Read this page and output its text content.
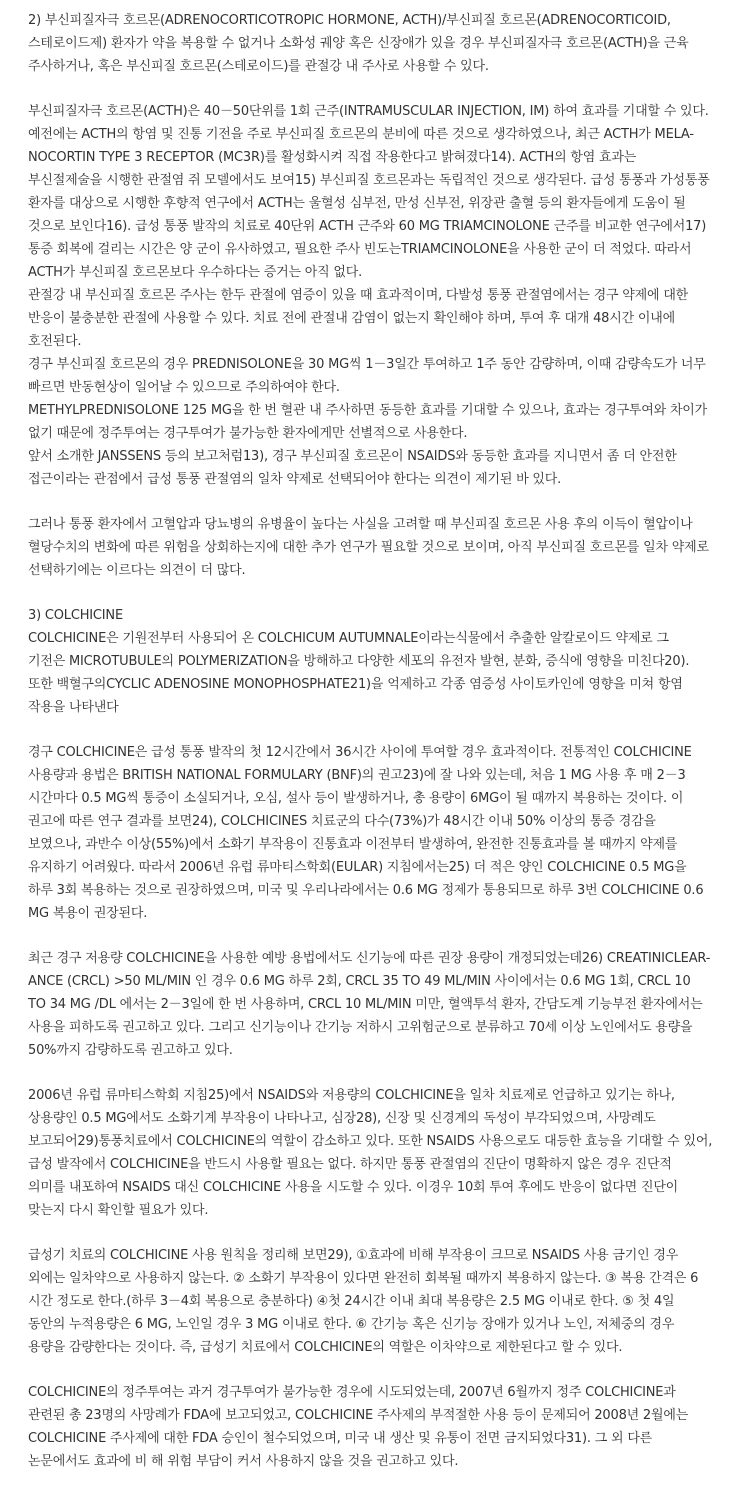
2) 부신피질자극 호르몬(ADRENOCORTICOTROPIC HORMONE, ACTH)/부신피질 호르몬(ADRENOCORTICOID,
스테로이드제) 환자가 약을 복용할 수 없거나 소화성 궤양 혹은 신장애가 있을 경우 부신피질자극 호르몬(ACTH)을 근육
주사하거나, 혹은 부신피질 호르몬(스테로이드)를 관절강 내 주사로 사용할 수 있다.
부신피질자극 호르몬(ACTH)은 40－50단위를 1회 근주(INTRAMUSCULAR INJECTION, IM) 하여 효과를 기대할 수 있다.
예전에는 ACTH의 항염 및 진통 기전을 주로 부신피질 호르몬의 분비에 따른 것으로 생각하였으나, 최근 ACTH가 MELA-
NOCORTIN TYPE 3 RECEPTOR (MC3R)를 활성화시켜 직접 작용한다고 밝혀졌다14). ACTH의 항염 효과는
부신절제술을 시행한 관절염 쥐 모델에서도 보여15) 부신피질 호르몬과는 독립적인 것으로 생각된다. 급성 통풍과 가성통풍
환자를 대상으로 시행한 후향적 연구에서 ACTH는 울혈성 심부전, 만성 신부전, 위장관 출혈 등의 환자들에게 도움이 될
것으로 보인다16). 급성 통풍 발작의 치료로 40단위 ACTH 근주와 60 MG TRIAMCINOLONE 근주를 비교한 연구에서17)
통증 회복에 걸리는 시간은 양 군이 유사하였고, 필요한 주사 빈도는TRIAMCINOLONE을 사용한 군이 더 적었다. 따라서
ACTH가 부신피질 호르몬보다 우수하다는 증거는 아직 없다.
관절강 내 부신피질 호르몬 주사는 한두 관절에 염증이 있을 때 효과적이며, 다발성 통풍 관절염에서는 경구 약제에 대한
반응이 불충분한 관절에 사용할 수 있다. 치료 전에 관절내 감염이 없는지 확인해야 하며, 투여 후 대개 48시간 이내에
호전된다.
경구 부신피질 호르몬의 경우 PREDNISOLONE을 30 MG씩 1－3일간 투여하고 1주 동안 감량하며, 이때 감량속도가 너무
빠르면 반동현상이 일어날 수 있으므로 주의하여야 한다.
METHYLPREDNISOLONE 125 MG을 한 번 혈관 내 주사하면 동등한 효과를 기대할 수 있으나, 효과는 경구투여와 차이가
없기 때문에 정주투여는 경구투여가 불가능한 환자에게만 선별적으로 사용한다.
앞서 소개한 JANSSENS 등의 보고처럼13), 경구 부신피질 호르몬이 NSAIDS와 동등한 효과를 지니면서 좀 더 안전한
접근이라는 관점에서 급성 통풍 관절염의 일차 약제로 선택되어야 한다는 의견이 제기된 바 있다.
그러나 통풍 환자에서 고혈압과 당뇨병의 유병율이 높다는 사실을 고려할 때 부신피질 호르몬 사용 후의 이득이 혈압이나
혈당수치의 변화에 따른 위험을 상회하는지에 대한 추가 연구가 필요할 것으로 보이며, 아직 부신피질 호르몬를 일차 약제로
선택하기에는 이르다는 의견이 더 많다.
3) COLCHICINE
COLCHICINE은 기원전부터 사용되어 온 COLCHICUM AUTUMNALE이라는식물에서 추출한 알칼로이드 약제로 그
기전은 MICROTUBULE의 POLYMERIZATION을 방해하고 다양한 세포의 유전자 발현, 분화, 증식에 영향을 미친다20).
또한 백혈구의CYCLIC ADENOSINE MONOPHOSPHATE21)을 억제하고 각종 염증성 사이토카인에 영향을 미쳐 항염
작용을 나타낸다
경구 COLCHICINE은 급성 통풍 발작의 첫 12시간에서 36시간 사이에 투여할 경우 효과적이다. 전통적인 COLCHICINE
사용량과 용법은 BRITISH NATIONAL FORMULARY (BNF)의 권고23)에 잘 나와 있는데, 처음 1 MG 사용 후 매 2－3
시간마다 0.5 MG씩 통증이 소실되거나, 오심, 설사 등이 발생하거나, 총 용량이 6MG이 될 때까지 복용하는 것이다. 이
권고에 따른 연구 결과를 보면24), COLCHICINES 치료군의 다수(73%)가 48시간 이내 50% 이상의 통증 경감을
보였으나, 과반수 이상(55%)에서 소화기 부작용이 진통효과 이전부터 발생하여, 완전한 진통효과를 볼 때까지 약제를
유지하기 어려웠다. 따라서 2006년 유럽 류마티스학회(EULAR) 지침에서는25) 더 적은 양인 COLCHICINE 0.5 MG을
하루 3회 복용하는 것으로 권장하였으며, 미국 및 우리나라에서는 0.6 MG 정제가 통용되므로 하루 3번 COLCHICINE 0.6
MG 복용이 권장된다.
최근 경구 저용량 COLCHICINE을 사용한 예방 용법에서도 신기능에 따른 권장 용량이 개정되었는데26) CREATINICLEAR-
ANCE (CRCL) >50 ML/MIN 인 경우 0.6 MG 하루 2회, CRCL 35 TO 49 ML/MIN 사이에서는 0.6 MG 1회, CRCL 10
TO 34 MG /DL 에서는 2－3일에 한 번 사용하며, CRCL 10 ML/MIN 미만, 혈액투석 환자, 간담도계 기능부전 환자에서는
사용을 피하도록 권고하고 있다. 그리고 신기능이나 간기능 저하시 고위험군으로 분류하고 70세 이상 노인에서도 용량을
50%까지 감량하도록 권고하고 있다.
2006년 유럽 류마티스학회 지침25)에서 NSAIDS와 저용량의 COLCHICINE을 일차 치료제로 언급하고 있기는 하나,
상용량인 0.5 MG에서도 소화기계 부작용이 나타나고, 심장28), 신장 및 신경계의 독성이 부각되었으며, 사망례도
보고되어29)통풍치료에서 COLCHICINE의 역할이 감소하고 있다. 또한 NSAIDS 사용으로도 대등한 효능을 기대할 수 있어,
급성 발작에서 COLCHICINE을 반드시 사용할 필요는 없다. 하지만 통풍 관절염의 진단이 명확하지 않은 경우 진단적
의미를 내포하여 NSAIDS 대신 COLCHICINE 사용을 시도할 수 있다. 이경우 10회 투여 후에도 반응이 없다면 진단이
맞는지 다시 확인할 필요가 있다.
급성기 치료의 COLCHICINE 사용 원칙을 정리해 보면29), ①효과에 비해 부작용이 크므로 NSAIDS 사용 금기인 경우
외에는 일차약으로 사용하지 않는다. ② 소화기 부작용이 있다면 완전히 회복될 때까지 복용하지 않는다. ③ 복용 간격은 6
시간 정도로 한다.(하루 3－4회 복용으로 충분하다) ④첫 24시간 이내 최대 복용량은 2.5 MG 이내로 한다. ⑤ 첫 4일
동안의 누적용량은 6 MG, 노인일 경우 3 MG 이내로 한다. ⑥ 간기능 혹은 신기능 장애가 있거나 노인, 저체중의 경우
용량을 감량한다는 것이다. 즉, 급성기 치료에서 COLCHICINE의 역할은 이차약으로 제한된다고 할 수 있다.
COLCHICINE의 정주투여는 과거 경구투여가 불가능한 경우에 시도되었는데, 2007년 6월까지 정주 COLCHICINE과
관련된 총 23명의 사망례가 FDA에 보고되었고, COLCHICINE 주사제의 부적절한 사용 등이 문제되어 2008년 2월에는
COLCHICINE 주사제에 대한 FDA 승인이 철수되었으며, 미국 내 생산 및 유통이 전면 금지되었다31). 그 외 다른
논문에서도 효과에 비 해 위험 부담이 커서 사용하지 않을 것을 권고하고 있다.
